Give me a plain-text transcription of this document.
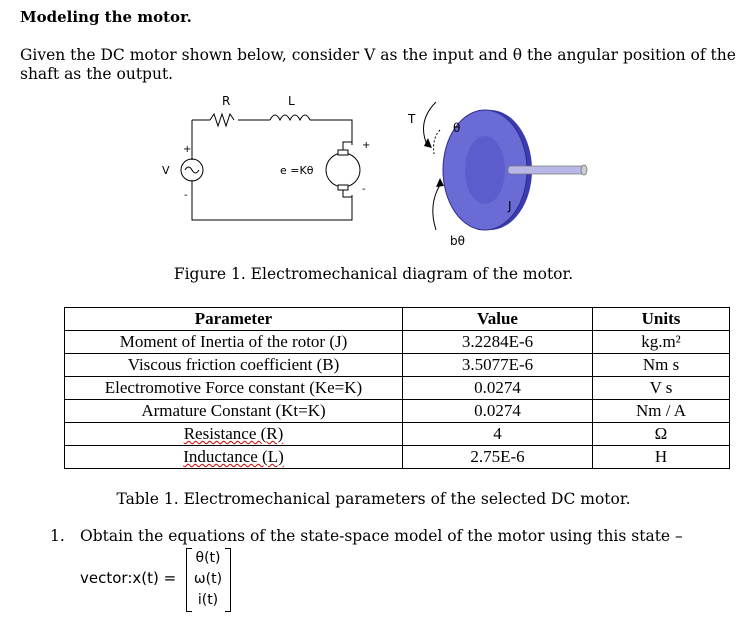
Modeling the motor.
Given the DC motor shown below, consider V as the input and θ the angular position of the shaft as the output.
R	L
V	e =Kθ
+
-
+
-
T
θ
J
bθ
Figure 1. Electromechanical diagram of the motor.
Parameter	Value	Units
Moment of Inertia of the rotor (J)	3.2284E-6	kg.m²
Viscous friction coefficient (B)	3.5077E-6	Nm s
Electromotive Force constant (Ke=K)	0.0274	V s
Armature Constant (Kt=K)	0.0274	Nm / A
Resistance (R)	4	Ω
Inductance (L)	2.75E-6	H
Table 1. Electromechanical parameters of the selected DC motor.
1. Obtain the equations of the state-space model of the motor using this state –
vector:x(t) =
θ(t)
ω(t)
i(t)
